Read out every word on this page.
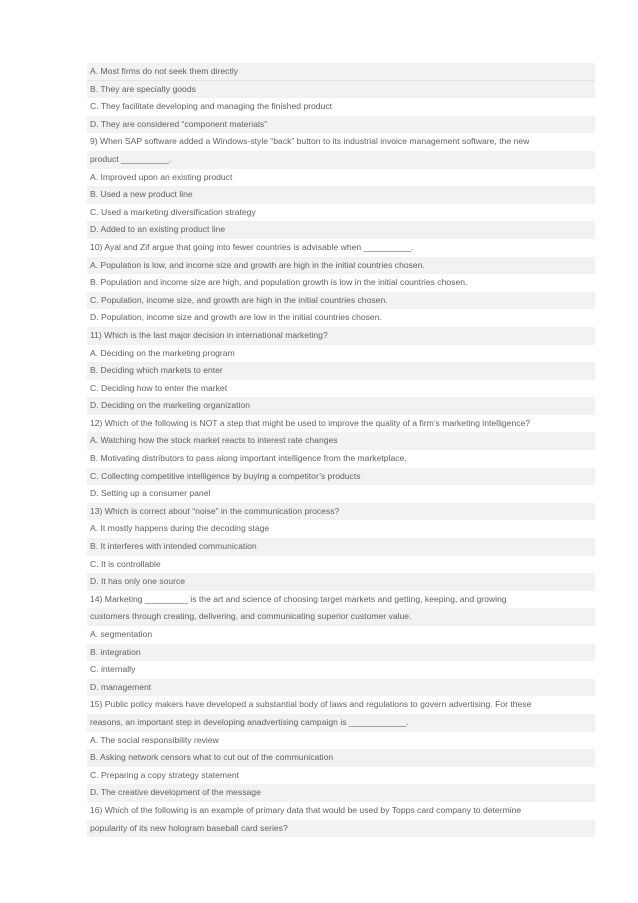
A. Most firms do not seek them directly
B. They are specialty goods
C. They facilitate developing and managing the finished product
D. They are considered “component materials”
9) When SAP software added a Windows-style “back” button to its industrial invoice management software, the new
product __________.
A. Improved upon an existing product
B. Used a new product line
C. Used a marketing diversification strategy
D. Added to an existing product line
10) Ayal and Zif argue that going into fewer countries is advisable when __________.
A. Population is low, and income size and growth are high in the initial countries chosen.
B. Population and income size are high, and population growth is low in the initial countries chosen.
C. Population, income size, and growth are high in the initial countries chosen.
D. Population, income size and growth are low in the initial countries chosen.
11) Which is the last major decision in international marketing?
A. Deciding on the marketing program
B. Deciding which markets to enter
C. Deciding how to enter the market
D. Deciding on the marketing organization
12) Which of the following is NOT a step that might be used to improve the quality of a firm’s marketing intelligence?
A. Watching how the stock market reacts to interest rate changes
B. Motivating distributors to pass along important intelligence from the marketplace.
C. Collecting competitive intelligence by buying a competitor’s products
D. Setting up a consumer panel
13) Which is correct about “noise” in the communication process?
A. It mostly happens during the decoding stage
B. It interferes with intended communication
C. It is controllable
D. It has only one source
14) Marketing _________ is the art and science of choosing target markets and getting, keeping, and growing
customers through creating, delivering, and communicating superior customer value.
A. segmentation
B. integration
C. internally
D. management
15) Public policy makers have developed a substantial body of laws and regulations to govern advertising. For these
reasons, an important step in developing anadvertising campaign is ____________.
A. The social responsibility review
B. Asking network censors what to cut out of the communication
C. Preparing a copy strategy statement
D. The creative development of the message
16) Which of the following is an example of primary data that would be used by Topps card company to determine
popularity of its new hologram baseball card series?
